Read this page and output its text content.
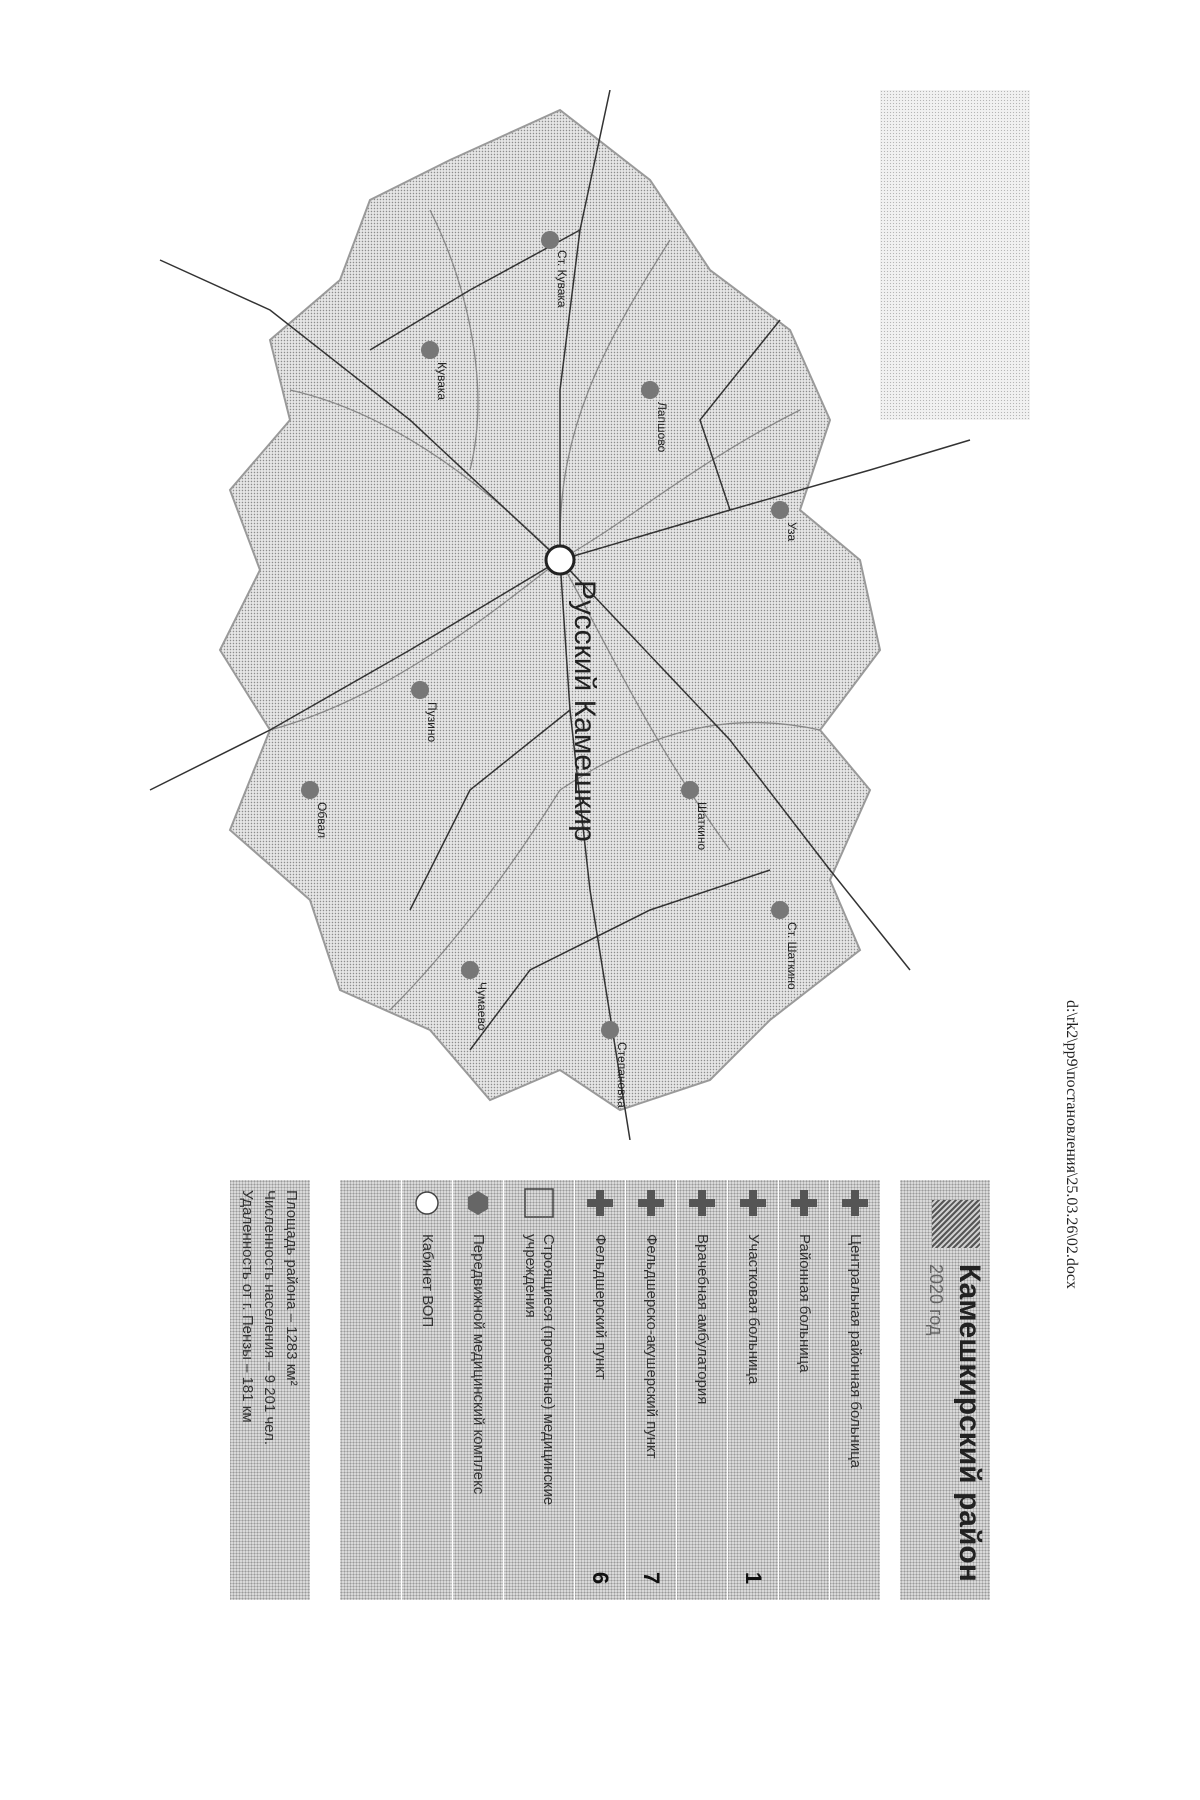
d:\rk2\pp9\постановления\25.03.26\02.docx
Русский Камешкир
Лапшово
Кувака
Пузино
Шаткино
Ст. Шаткино
Чумаево
Уза
Ст. Кувака
Обвал
Степановка
Камешкирский район
2020 год
Центральная районная больница
Районная больница
Участковая больница
1
Врачебная амбулатория
Фельдшерско-акушерский пункт
7
Фельдшерский пункт
6
Строящиеся (проектные) медицинские учреждения
Передвижной медицинский комплекс
Кабинет ВОП
Площадь района – 1283 км²
Численность населения – 9 201 чел.
Удаленность от г. Пензы – 181 км
